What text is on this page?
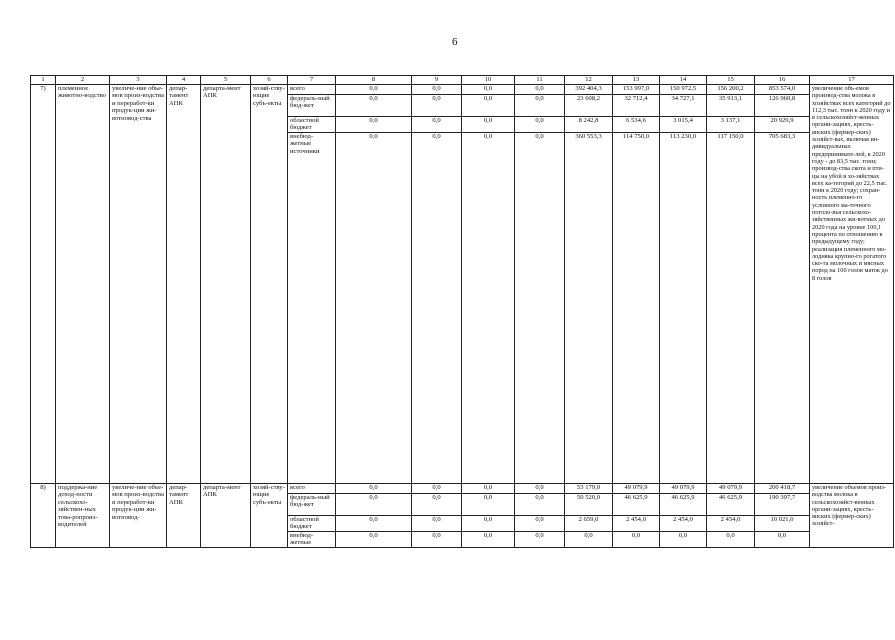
6
1	2	3	4	5	6	7	8	9	10	11	12	13	14	15	16	17
7)	племенное животно-водство	увеличе-ние объе-мов произ-водства и переработ-ки продук-ции жи-вотновод-ства	депар-тамент АПК	департа-мент АПК	хозяй-ству-ющие субъ-екты	всего	0,0	0,0	0,0	0,0	392 404,3	153 997,0	150 972,5	156 200,2	853 574,0	увеличение объ-емов производ-ства молока в хозяйствах всех категорий до 112,3 тыс. тонн к 2020 году и в сельскохозяйст-венных органи-зациях, кресть-янских (фермер-ских) хозяйст-вах, включая ин-дивидуальных предпринимате-лей, к 2020 году - до 83,5 тыс. тонн; производ-ства скота и пти-цы на убой в хо-зяйствах всех ка-тегорий до 22,5 тыс. тонн к 2020 году; сохран-ность племенно-го условного ма-точного поголо-вья сельскохо-зяйственных жи-вотных до 2020 года на уровне 100,1 процента по отношению к предыдущему году; реализация племенного мо-лодняка крупно-го рогатого ско-та молочных и мясных пород на 100 голов маток до 8 голов
						федераль-ный бюд-жет	0,0	0,0	0,0	0,0	23 608,2	32 712,4	34 727,1	35 913,1	126 960,8	
						областной бюджет	0,0	0,0	0,0	0,0	8 242,8	6 534,6	3 015,4	3 137,1	20 929,9	
						внебюд-жетные источники	0,0	0,0	0,0	0,0	360 553,3	114 750,0	113 230,0	117 150,0	705 683,3	
8)	поддержа-ние доход-ности сельскохо-зяйствен-ных това-ропроиз-водителей	увеличе-ние объе-мов произ-водства и переработ-ки продук-ции жи-вотновод-	депар-тамент АПК	департа-мент АПК	хозяй-ству-ющие субъ-екты	всего	0,0	0,0	0,0	0,0	53 179,0	49 079,9	49 079,9	49 079,9	200 418,7	увеличение объемов произ-водства молока в сельскохозяйст-венных органи-зациях, кресть-янских (фермер-ских) хозяйст-
						федераль-ный бюд-жет	0,0	0,0	0,0	0,0	50 520,0	46 625,9	46 625,9	46 625,9	190 397,7	
						областной бюджет	0,0	0,0	0,0	0,0	2 659,0	2 454,0	2 454,0	2 454,0	10 021,0	
						внебюд-жетные	0,0	0,0	0,0	0,0	0,0	0,0	0,0	0,0	0,0	
